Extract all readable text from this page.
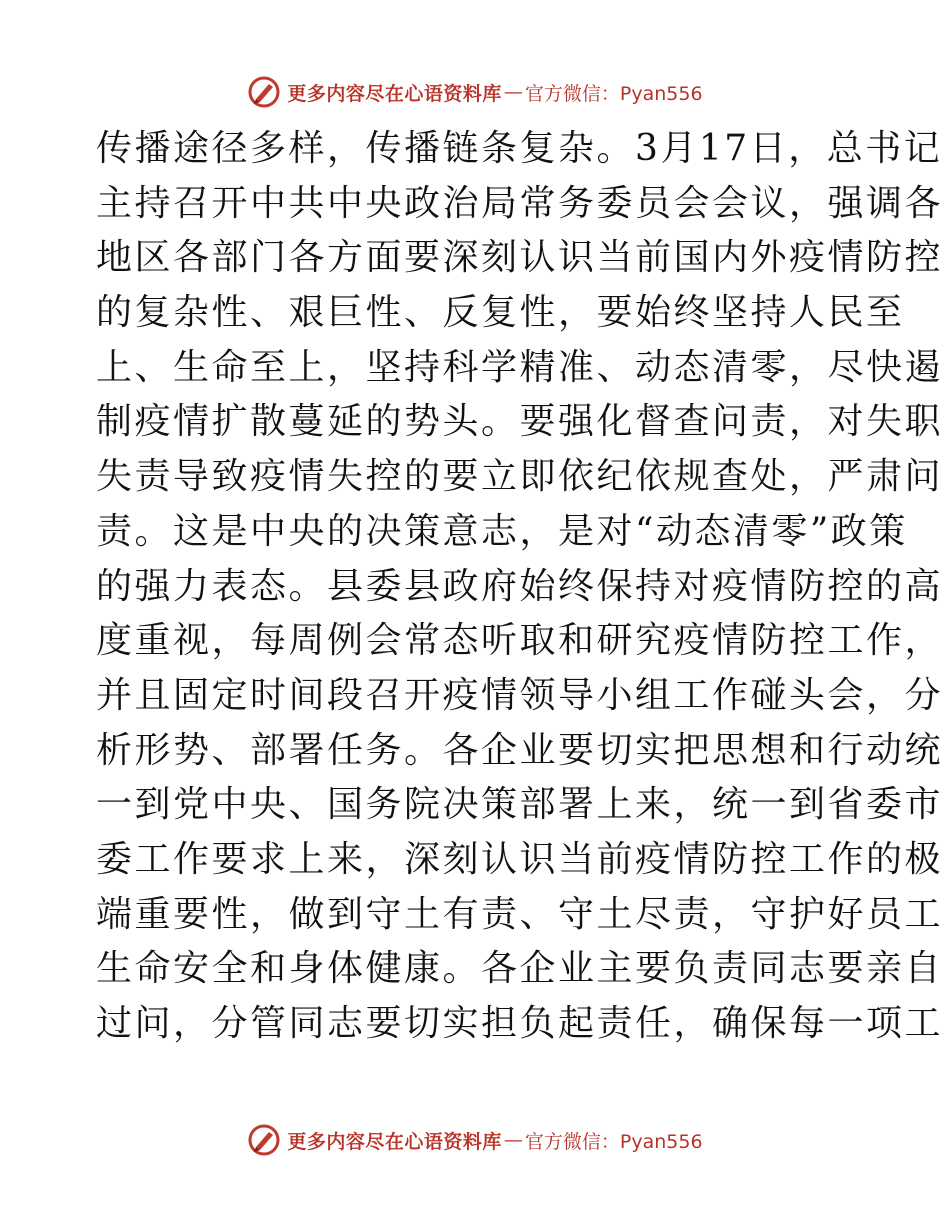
更多内容尽在心语资料库 — 官方微信：Pyan556
传播途径多样，传播链条复杂。3月17日，总书记
主持召开中共中央政治局常务委员会会议，强调各
地区各部门各方面要深刻认识当前国内外疫情防控
的复杂性、艰巨性、反复性，要始终坚持人民至
上、生命至上，坚持科学精准、动态清零，尽快遏
制疫情扩散蔓延的势头。要强化督查问责，对失职
失责导致疫情失控的要立即依纪依规查处，严肃问
责。这是中央的决策意志，是对“动态清零”政策
的强力表态。县委县政府始终保持对疫情防控的高
度重视，每周例会常态听取和研究疫情防控工作，
并且固定时间段召开疫情领导小组工作碰头会，分
析形势、部署任务。各企业要切实把思想和行动统
一到党中央、国务院决策部署上来，统一到省委市
委工作要求上来，深刻认识当前疫情防控工作的极
端重要性，做到守土有责、守土尽责，守护好员工
生命安全和身体健康。各企业主要负责同志要亲自
过问，分管同志要切实担负起责任，确保每一项工
更多内容尽在心语资料库 — 官方微信：Pyan556
